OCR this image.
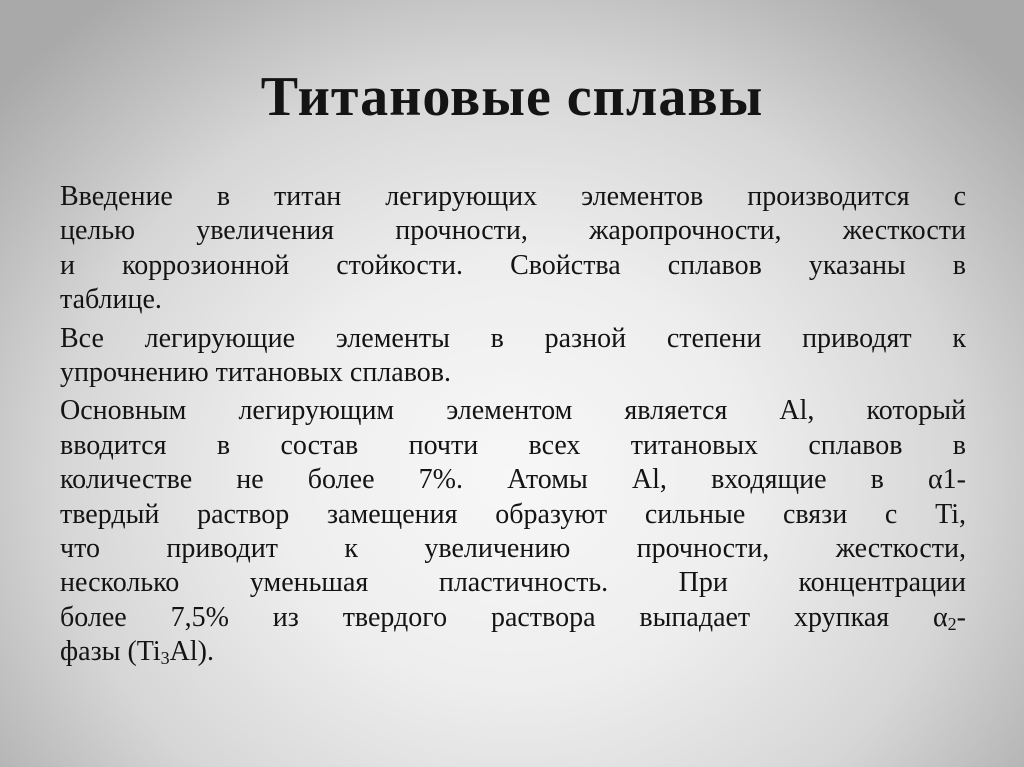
Титановые сплавы

Введение в титан легирующих элементов производится с
целью увеличения прочности, жаропрочности, жесткости
и коррозионной стойкости. Свойства сплавов указаны в
таблице.

Все легирующие элементы в разной степени приводят к
упрочнению титановых сплавов.

Основным легирующим элементом является Al, который
вводится в состав почти всех титановых сплавов в
количестве не более 7%. Атомы Al, входящие в α1-
твердый раствор замещения образуют сильные связи с Ti,
что приводит к увеличению прочности, жесткости,
несколько уменьшая пластичность. При концентрации
более 7,5% из твердого раствора выпадает хрупкая $\alpha_2-$
фазы $(Ti_3Al)$.
